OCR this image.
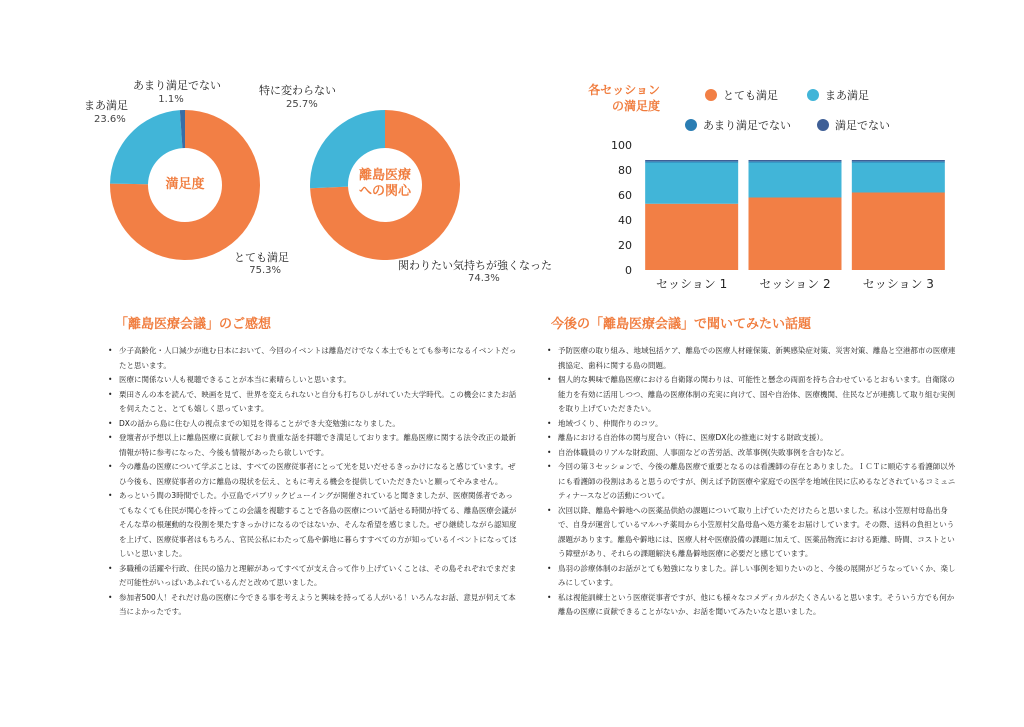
満足度
あまり満足でない
1.1%
まあ満足
23.6%
とても満足
75.3%
離島医療
への関心
特に変わらない
25.7%
関わりたい気持ちが強くなった
74.3%
各セッション
の満足度
とても満足	まあ満足
あまり満足でない	満足でない
0
20
40
60
80
100
セッション 1	セッション 2	セッション 3
「離島医療会議」のご感想
• 少子高齢化・人口減少が進む日本において、今回のイベントは離島だけでなく本土でもとても参考になるイベントだったと思います。
• 医療に関係ない人も視聴できることが本当に素晴らしいと思います。
• 栗田さんの本を読んで、映画を見て、世界を変えられないと自分も打ちひしがれていた大学時代。この機会にまたお話を伺えたこと、とても嬉しく思っています。
• DXの話から島に住む人の視点までの知見を得ることができ大変勉強になりました。
• 登壇者が予想以上に離島医療に貢献しており貴重な話を拝聴でき満足しております。離島医療に関する法令改正の最新情報が特に参考になった、今後も情報があったら欲しいです。
• 今の離島の医療について学ぶことは、すべての医療従事者にとって光を見いだせるきっかけになると感じています。ぜひ今後も、医療従事者の方に離島の現状を伝え、ともに考える機会を提供していただきたいと願ってやみません。
• あっという間の3時間でした。小豆島でパブリックビューイングが開催されていると聞きましたが、医療関係者であってもなくても住民が関心を持ってこの会議を視聴することで各島の医療について話せる時間が持てる、離島医療会議がそんな草の根運動的な役割を果たすきっかけになるのではないか、そんな希望を感じました。ぜひ継続しながら認知度を上げて、医療従事者はもちろん、官民公私にわたって島や僻地に暮らすすべての方が知っているイベントになってほしいと思いました。
• 多職種の活躍や行政、住民の協力と理解があってすべてが支え合って作り上げていくことは、その島それぞれでまだまだ可能性がいっぱいあふれているんだと改めて思いました。
• 参加者500人！それだけ島の医療に今できる事を考えようと興味を持ってる人がいる！いろんなお話、意見が伺えて本当によかったです。
今後の「離島医療会議」で聞いてみたい話題
• 予防医療の取り組み、地域包括ケア、離島での医療人材確保策、新興感染症対策、災害対策、離島と空港都市の医療連携協定、歯科に関する島の問題。
• 個人的な興味で離島医療における自衛隊の関わりは、可能性と懸念の両面を持ち合わせているとおもいます。自衛隊の能力を有効に活用しつつ、離島の医療体制の充実に向けて、国や自治体、医療機関、住民などが連携して取り組む実例を取り上げていただきたい。
• 地域づくり、仲間作りのコツ。
• 離島における自治体の関与度合い（特に、医療DX化の推進に対する財政支援）。
• 自治体職員のリアルな財政面、人事面などの苦労話、改革事例(失敗事例を含む)など。
• 今回の第３セッションで、今後の離島医療で重要となるのは看護師の存在とありました。ＩＣＴに順応する看護師以外にも看護師の役割はあると思うのですが、例えば予防医療や家庭での医学を地域住民に広めるなどされているコミュニティナースなどの活動について。
• 次回以降、離島や僻地への医薬品供給の課題について取り上げていただけたらと思いました。私は小笠原村母島出身で、自身が運営しているマルハチ薬局から小笠原村父島母島へ処方薬をお届けしています。その際、送料の負担という課題があります。離島や僻地には、医療人材や医療設備の課題に加えて、医薬品物流における距離、時間、コストという障壁があり、それらの課題解決も離島僻地医療に必要だと感じています。
• 鳥羽の診療体制のお話がとても勉強になりました。詳しい事例を知りたいのと、今後の展開がどうなっていくか、楽しみにしています。
• 私は視能訓練士という医療従事者ですが、他にも様々なコメディカルがたくさんいると思います。そういう方でも何か離島の医療に貢献できることがないか、お話を聞いてみたいなと思いました。
